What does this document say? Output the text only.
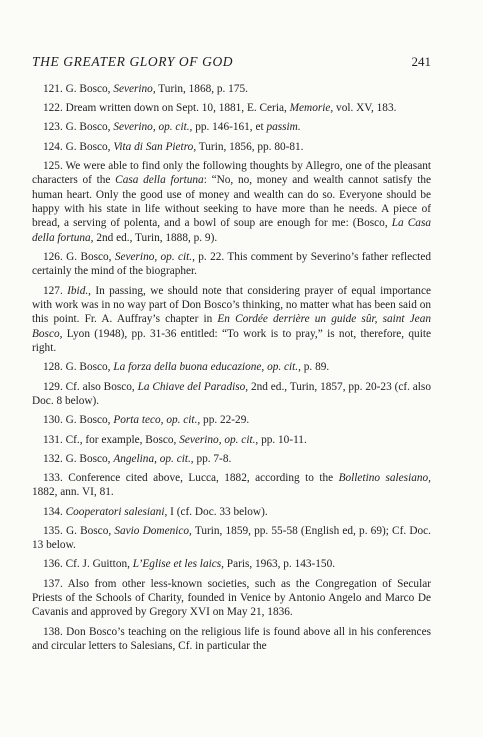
THE GREATER GLORY OF GOD	241

121. G. Bosco, Severino, Turin, 1868, p. 175.

122. Dream written down on Sept. 10, 1881, E. Ceria, Memorie, vol. XV, 183.

123. G. Bosco, Severino, op. cit., pp. 146-161, et passim.

124. G. Bosco, Vita di San Pietro, Turin, 1856, pp. 80-81.

125. We were able to find only the following thoughts by Allegro, one of the pleasant characters of the Casa della fortuna: “No, no, money and wealth cannot satisfy the human heart. Only the good use of money and wealth can do so. Everyone should be happy with his state in life without seeking to have more than he needs. A piece of bread, a serving of polenta, and a bowl of soup are enough for me: (Bosco, La Casa della fortuna, 2nd ed., Turin, 1888, p. 9).

126. G. Bosco, Severino, op. cit., p. 22. This comment by Severino’s father reflected certainly the mind of the biographer.

127. Ibid., In passing, we should note that considering prayer of equal importance with work was in no way part of Don Bosco’s thinking, no matter what has been said on this point. Fr. A. Auffray’s chapter in En Cordée derrière un guide sûr, saint Jean Bosco, Lyon (1948), pp. 31-36 entitled: “To work is to pray,” is not, therefore, quite right.

128. G. Bosco, La forza della buona educazione, op. cit., p. 89.

129. Cf. also Bosco, La Chiave del Paradiso, 2nd ed., Turin, 1857, pp. 20-23 (cf. also Doc. 8 below).

130. G. Bosco, Porta teco, op. cit., pp. 22-29.

131. Cf., for example, Bosco, Severino, op. cit., pp. 10-11.

132. G. Bosco, Angelina, op. cit., pp. 7-8.

133. Conference cited above, Lucca, 1882, according to the Bolletino salesiano, 1882, ann. VI, 81.

134. Cooperatori salesiani, I (cf. Doc. 33 below).

135. G. Bosco, Savio Domenico, Turin, 1859, pp. 55-58 (English ed, p. 69); Cf. Doc. 13 below.

136. Cf. J. Guitton, L’Eglise et les laics, Paris, 1963, p. 143-150.

137. Also from other less-known societies, such as the Congregation of Secular Priests of the Schools of Charity, founded in Venice by Antonio Angelo and Marco De Cavanis and approved by Gregory XVI on May 21, 1836.

138. Don Bosco’s teaching on the religious life is found above all in his conferences and circular letters to Salesians, Cf. in particular the
